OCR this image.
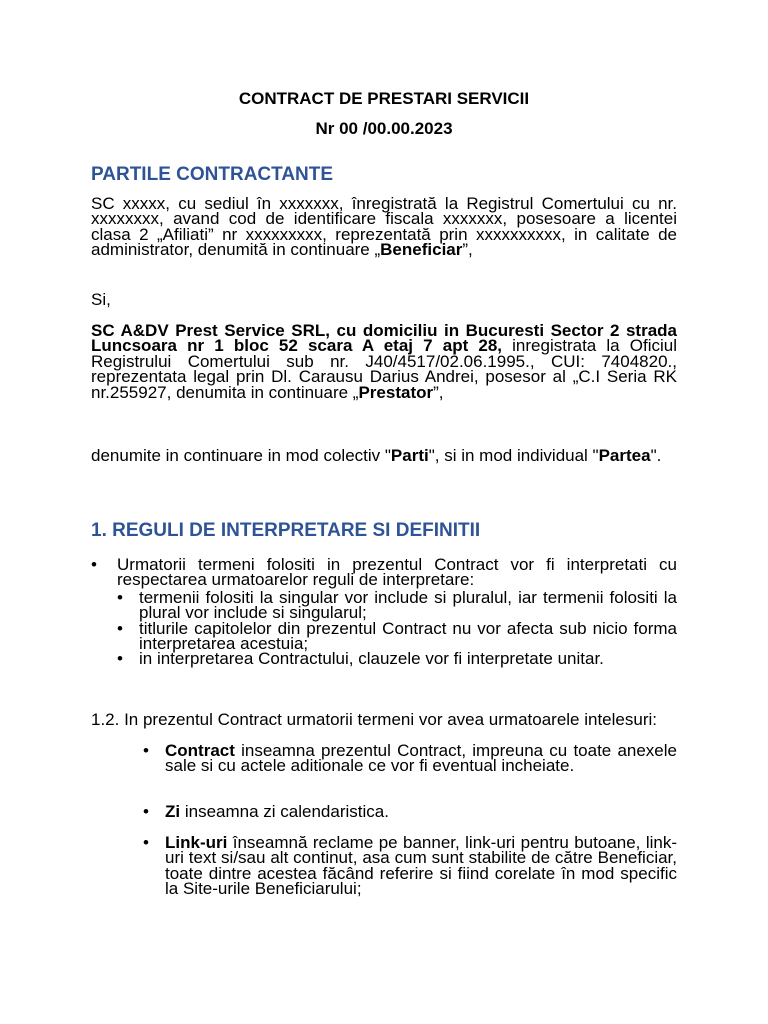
CONTRACT DE PRESTARI SERVICII

Nr 00 /00.00.2023

PARTILE CONTRACTANTE

SC xxxxx, cu sediul în xxxxxxx, înregistrată la Registrul Comertului cu nr. xxxxxxxx, avand cod de identificare fiscala xxxxxxx, posesoare a licentei clasa 2 „Afiliati” nr xxxxxxxxx, reprezentată prin xxxxxxxxxx, in calitate de administrator, denumită in continuare „Beneficiar”,

Si,

SC A&DV Prest Service SRL, cu domiciliu in Bucuresti Sector 2 strada Luncsoara nr 1 bloc 52 scara A etaj 7 apt 28, inregistrata la Oficiul Registrului Comertului sub nr. J40/4517/02.06.1995., CUI: 7404820., reprezentata legal prin Dl. Carausu Darius Andrei, posesor al „C.I Seria RK nr.255927, denumita in continuare „Prestator”,

denumite in continuare in mod colectiv "Parti", si in mod individual "Partea".

1. REGULI DE INTERPRETARE SI DEFINITII
• Urmatorii termeni folositi in prezentul Contract vor fi interpretati cu respectarea urmatoarelor reguli de interpretare:
• termenii folositi la singular vor include si pluralul, iar termenii folositi la plural vor include si singularul;
• titlurile capitolelor din prezentul Contract nu vor afecta sub nicio forma interpretarea acestuia;
• in interpretarea Contractului, clauzele vor fi interpretate unitar.

1.2. In prezentul Contract urmatorii termeni vor avea urmatoarele intelesuri:

• Contract inseamna prezentul Contract, impreuna cu toate anexele sale si cu actele aditionale ce vor fi eventual incheiate.
• Zi inseamna zi calendaristica.
• Link-uri înseamnă reclame pe banner, link-uri pentru butoane, link-uri text si/sau alt continut, asa cum sunt stabilite de către Beneficiar, toate dintre acestea făcând referire si fiind corelate în mod specific la Site-urile Beneficiarului;
